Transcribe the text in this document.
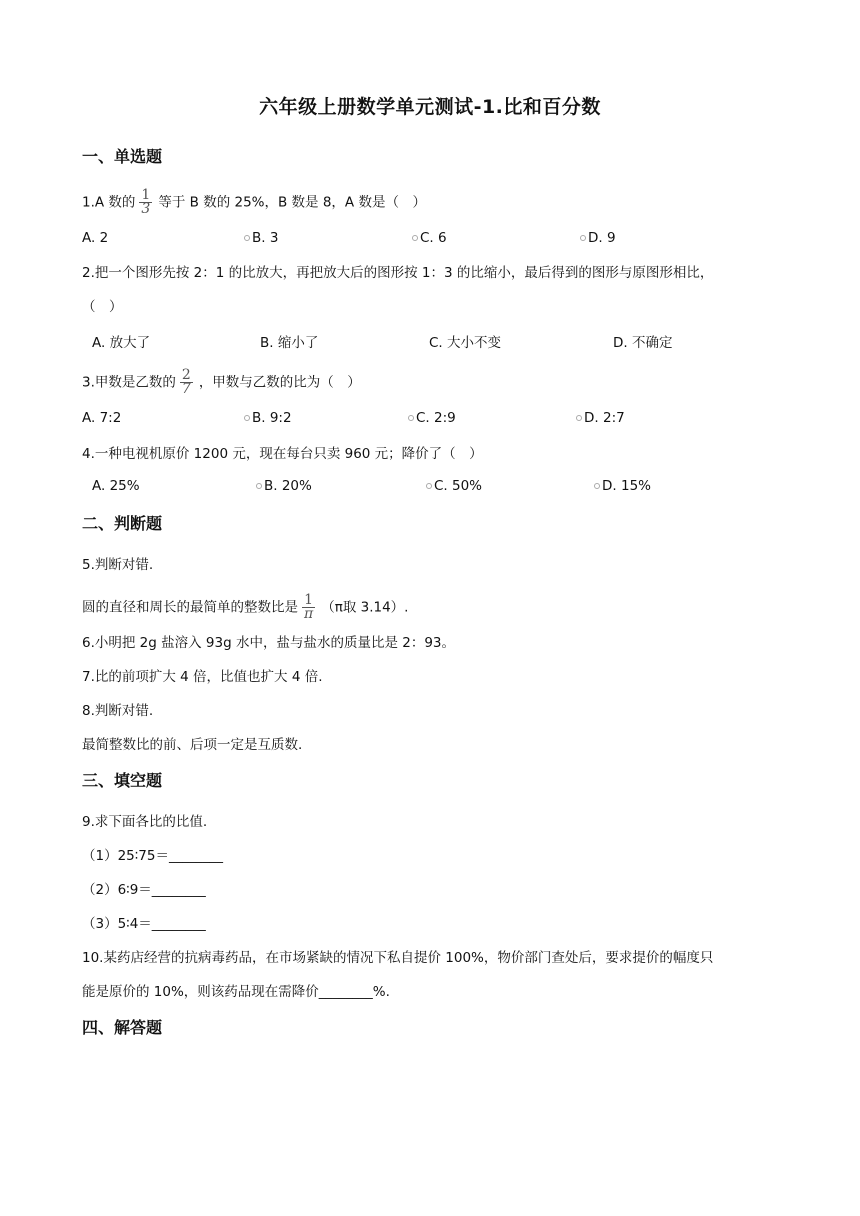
六年级上册数学单元测试-1.比和百分数
一、单选题
1.A 数的 $\frac{1}{3}$ 等于 B 数的 25%，B 数是 8，A 数是（　）
A. 2	B. 3	C. 6	D. 9
2.把一个图形先按 2：1 的比放大，再把放大后的图形按 1：3 的比缩小，最后得到的图形与原图形相比，
（　）
A. 放大了	B. 缩小了	C. 大小不变	D. 不确定
3.甲数是乙数的 $\frac{2}{7}$ ，甲数与乙数的比为（　）
A. 7:2	B. 9:2	C. 2:9	D. 2:7
4.一种电视机原价 1200 元，现在每台只卖 960 元；降价了（　）
A. 25%	B. 20%	C. 50%	D. 15%
二、判断题
5.判断对错.
圆的直径和周长的最简单的整数比是 $\frac{1}{\pi} (\pi$取 3.14）.
6.小明把 2g 盐溶入 93g 水中，盐与盐水的质量比是 2：93。
7.比的前项扩大 4 倍，比值也扩大 4 倍.
8.判断对错.
最简整数比的前、后项一定是互质数.
三、填空题
9.求下面各比的比值.
（1）25∶75＝________
（2）6∶9＝________
（3）5∶4＝________
10.某药店经营的抗病毒药品，在市场紧缺的情况下私自提价 100%，物价部门查处后，要求提价的幅度只
能是原价的 10%，则该药品现在需降价________%.
四、解答题
